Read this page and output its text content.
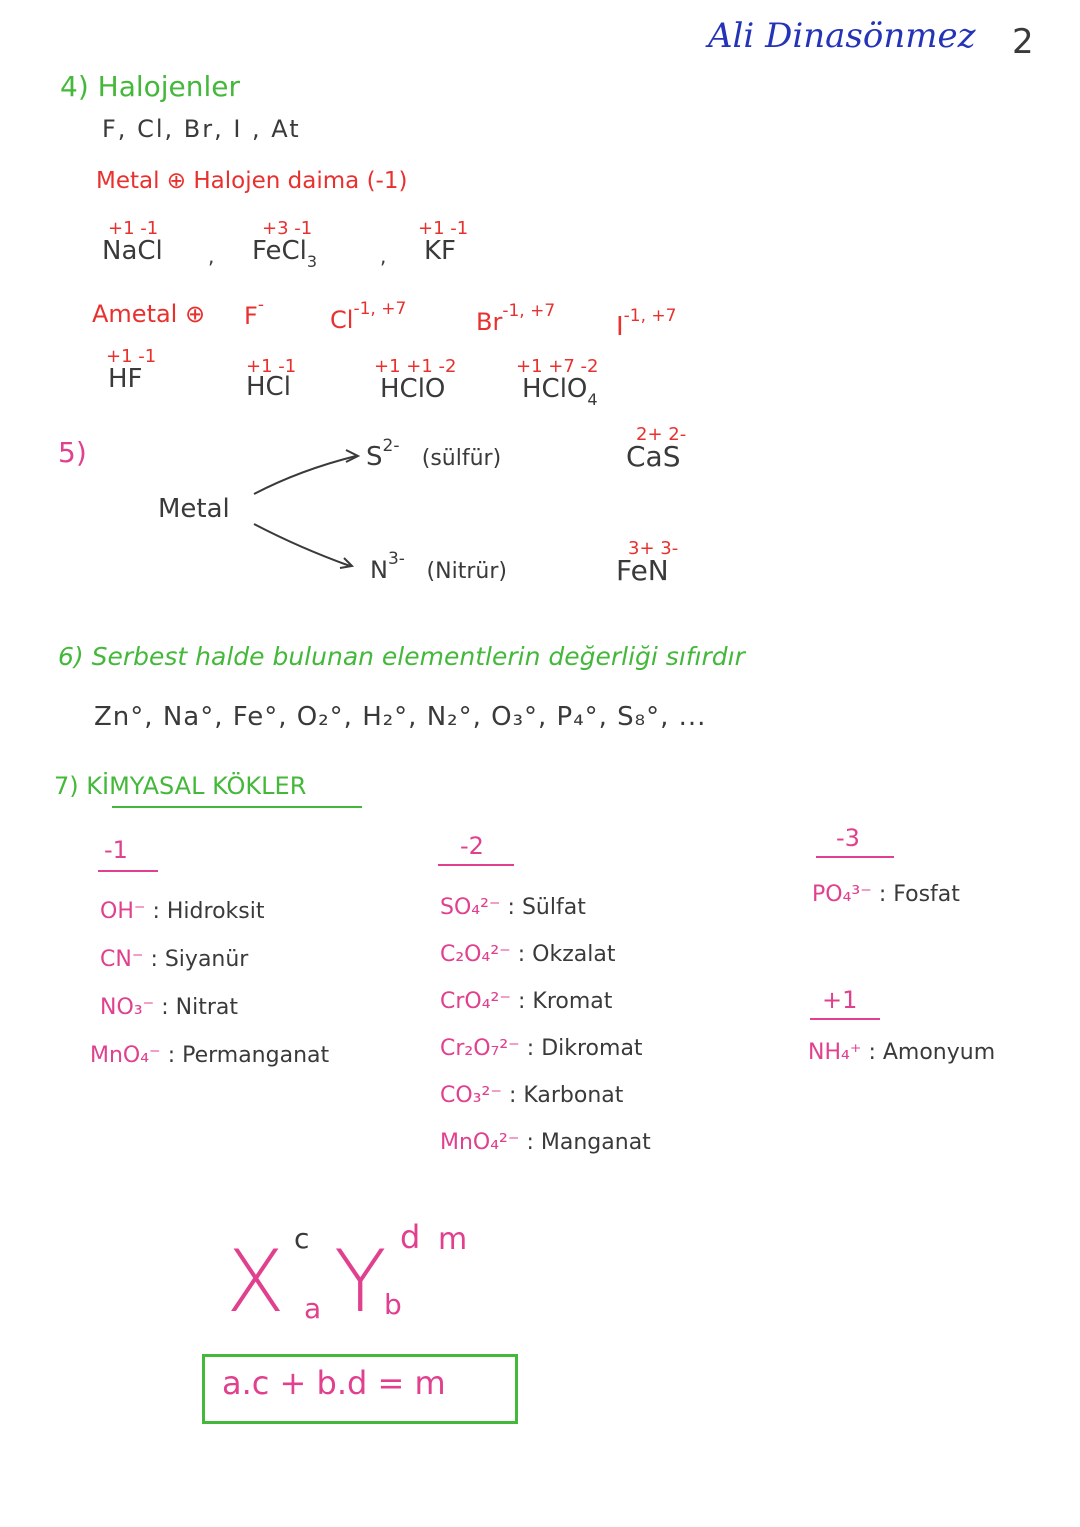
Ali Dinasönmez 2
4) Halojenler
F, Cl, Br, I , At
Metal ⊕ Halojen daima (-1)
+1 -1
NaCl ,
+3 -1
FeCl$_3$	,
+1 -1
KF
Ametal ⊕ F-
$Cl^{-1, +7}$	$Br^{-1, +7}$
$I^{-1, +7}$
+1 -1
HF	+1 -1
HCl
+1 +1 -2
HClO
+1 +7 -2
HClO$_4$
5)
Metal
$S^{2-}$ (sülfür)
2+ 2-
CaS
$N^{3-}$ (Nitrür)
3+ 3-
FeN
6) Serbest halde bulunan elementlerin değerliği sıfırdır
Zn°, Na°, Fe°, O₂°, H₂°, N₂°, O₃°, P₄°, S₈°, ...
7) KİMYASAL KÖKLER
-1
OH⁻ : Hidroksit
CN⁻ : Siyanür
NO₃⁻ : Nitrat
MnO₄⁻ : Permanganat
-2
SO₄²⁻ : Sülfat
C₂O₄²⁻ : Okzalat
CrO₄²⁻ : Kromat
Cr₂O₇²⁻ : Dikromat
CO₃²⁻ : Karbonat
MnO₄²⁻ : Manganat
-3
PO₄³⁻ : Fosfat
+1
NH₄⁺ : Amonyum
X a
c Y
b
d m
a.c + b.d = m
